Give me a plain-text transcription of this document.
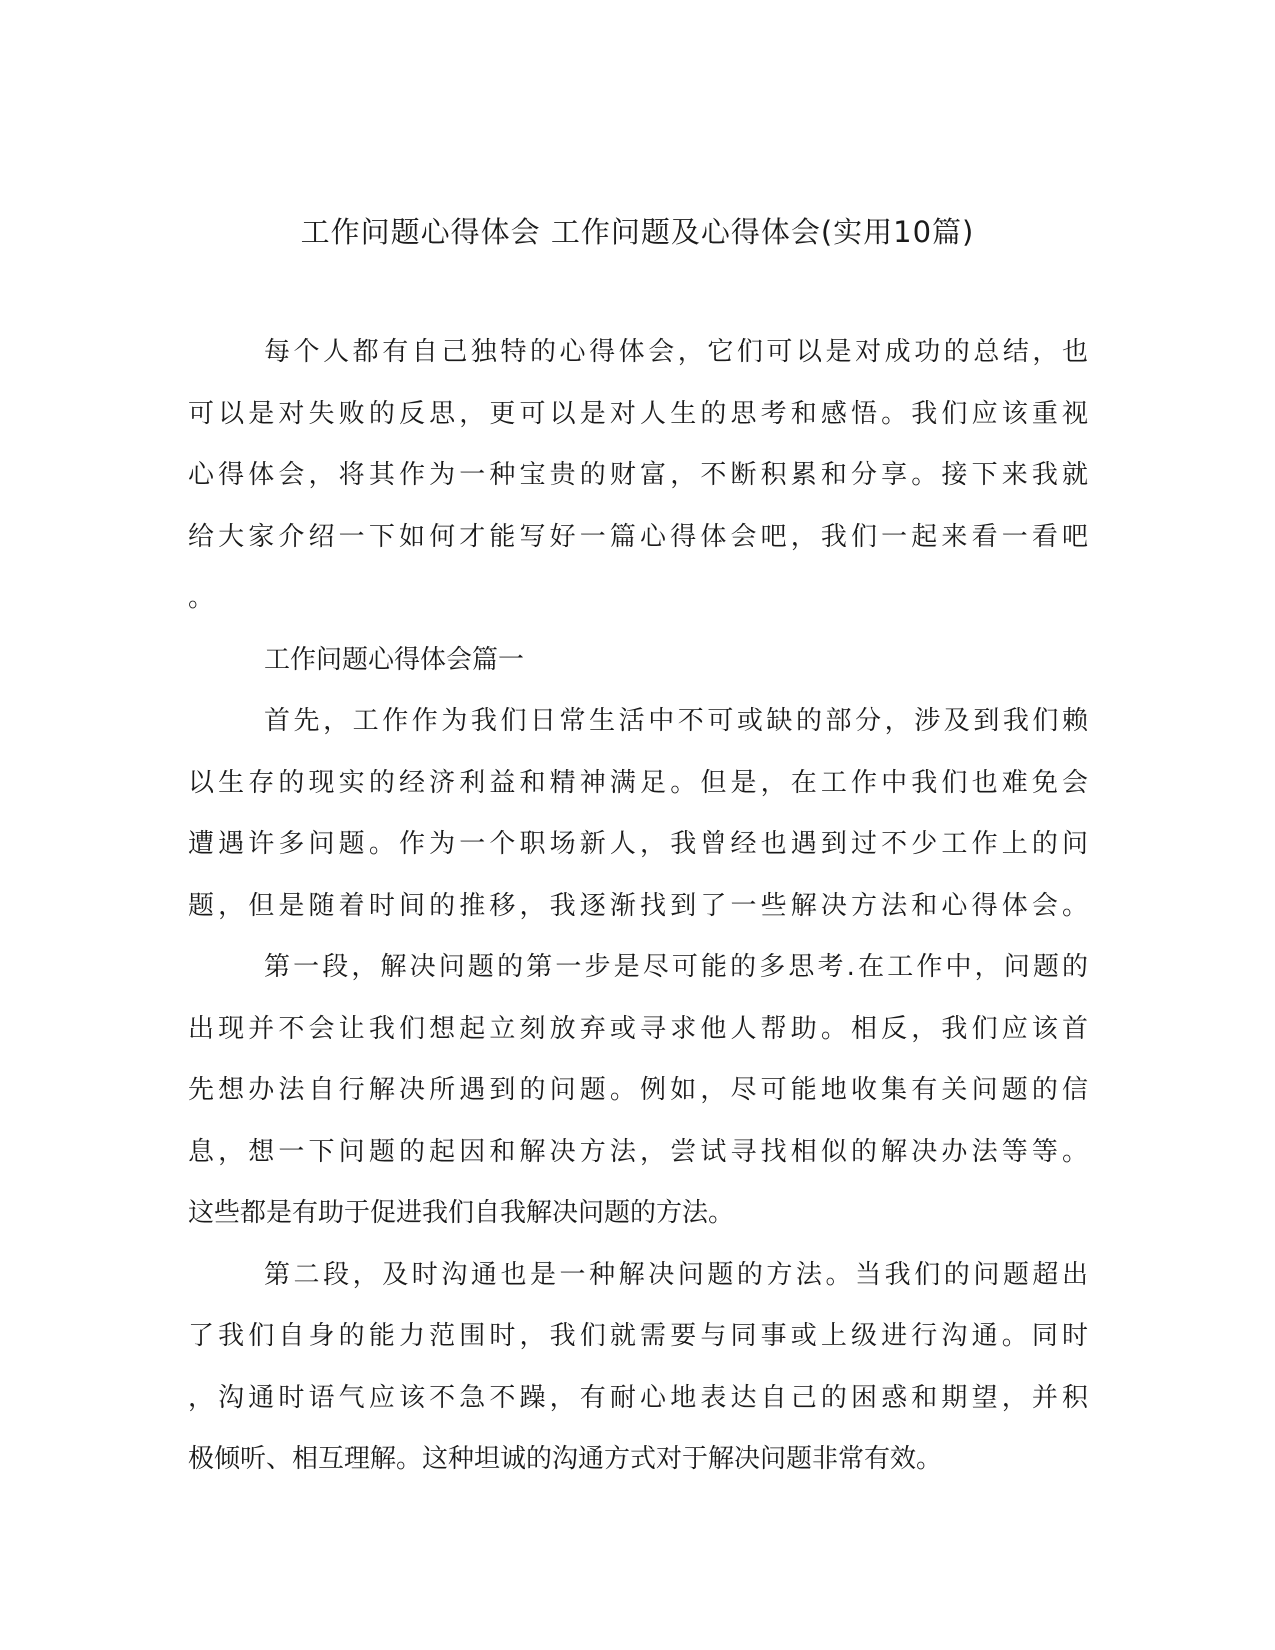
工作问题心得体会 工作问题及心得体会(实用10篇)
每个人都有自己独特的心得体会，它们可以是对成功的总结，也
可以是对失败的反思，更可以是对人生的思考和感悟。我们应该重视
心得体会，将其作为一种宝贵的财富，不断积累和分享。接下来我就
给大家介绍一下如何才能写好一篇心得体会吧，我们一起来看一看吧
。
工作问题心得体会篇一
首先，工作作为我们日常生活中不可或缺的部分，涉及到我们赖
以生存的现实的经济利益和精神满足。但是，在工作中我们也难免会
遭遇许多问题。作为一个职场新人，我曾经也遇到过不少工作上的问
题，但是随着时间的推移，我逐渐找到了一些解决方法和心得体会。
第一段，解决问题的第一步是尽可能的多思考.在工作中，问题的
出现并不会让我们想起立刻放弃或寻求他人帮助。相反，我们应该首
先想办法自行解决所遇到的问题。例如，尽可能地收集有关问题的信
息，想一下问题的起因和解决方法，尝试寻找相似的解决办法等等。
这些都是有助于促进我们自我解决问题的方法。
第二段，及时沟通也是一种解决问题的方法。当我们的问题超出
了我们自身的能力范围时，我们就需要与同事或上级进行沟通。同时
，沟通时语气应该不急不躁，有耐心地表达自己的困惑和期望，并积
极倾听、相互理解。这种坦诚的沟通方式对于解决问题非常有效。
